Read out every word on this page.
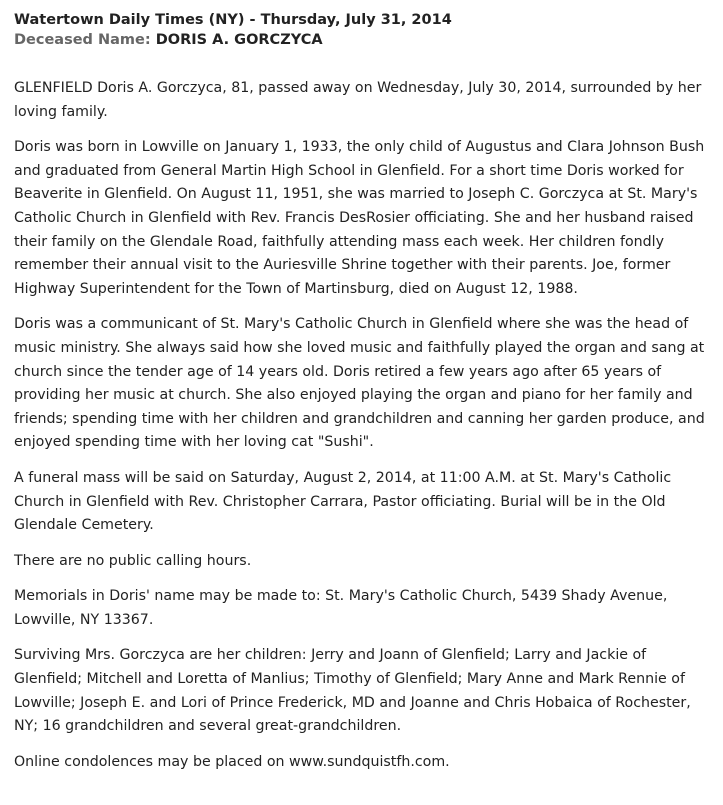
Watertown Daily Times (NY) - Thursday, July 31, 2014
Deceased Name: DORIS A. GORCZYCA

GLENFIELD Doris A. Gorczyca, 81, passed away on Wednesday, July 30, 2014, surrounded by her loving family.

Doris was born in Lowville on January 1, 1933, the only child of Augustus and Clara Johnson Bush and graduated from General Martin High School in Glenfield. For a short time Doris worked for Beaverite in Glenfield. On August 11, 1951, she was married to Joseph C. Gorczyca at St. Mary's Catholic Church in Glenfield with Rev. Francis DesRosier officiating. She and her husband raised their family on the Glendale Road, faithfully attending mass each week. Her children fondly remember their annual visit to the Auriesville Shrine together with their parents. Joe, former Highway Superintendent for the Town of Martinsburg, died on August 12, 1988.

Doris was a communicant of St. Mary's Catholic Church in Glenfield where she was the head of music ministry. She always said how she loved music and faithfully played the organ and sang at church since the tender age of 14 years old. Doris retired a few years ago after 65 years of providing her music at church. She also enjoyed playing the organ and piano for her family and friends; spending time with her children and grandchildren and canning her garden produce, and enjoyed spending time with her loving cat "Sushi".

A funeral mass will be said on Saturday, August 2, 2014, at 11:00 A.M. at St. Mary's Catholic Church in Glenfield with Rev. Christopher Carrara, Pastor officiating. Burial will be in the Old Glendale Cemetery.

There are no public calling hours.

Memorials in Doris' name may be made to: St. Mary's Catholic Church, 5439 Shady Avenue, Lowville, NY 13367.

Surviving Mrs. Gorczyca are her children: Jerry and Joann of Glenfield; Larry and Jackie of Glenfield; Mitchell and Loretta of Manlius; Timothy of Glenfield; Mary Anne and Mark Rennie of Lowville; Joseph E. and Lori of Prince Frederick, MD and Joanne and Chris Hobaica of Rochester, NY; 16 grandchildren and several great-grandchildren.

Online condolences may be placed on www.sundquistfh.com.
